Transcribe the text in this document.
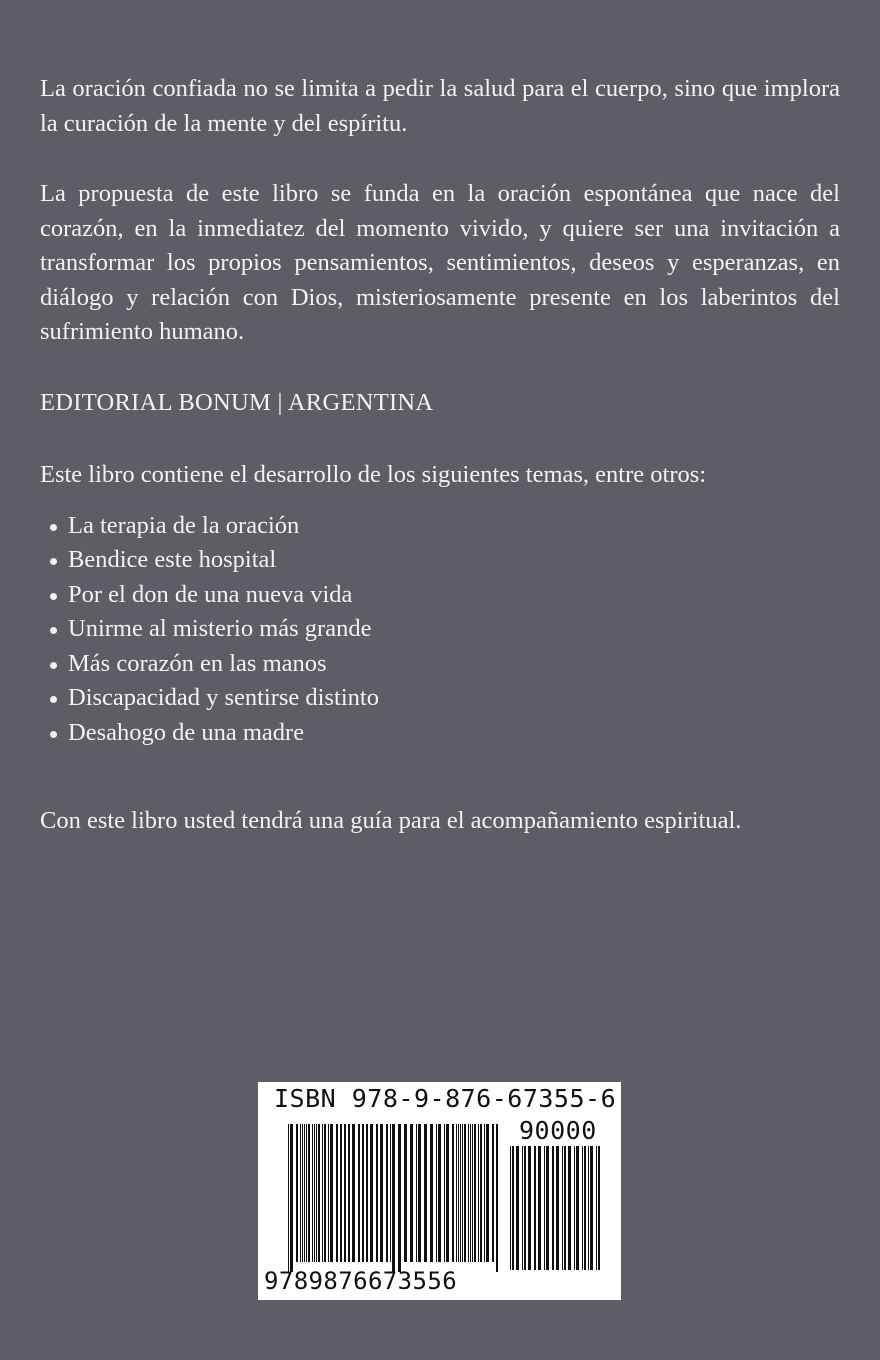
La oración confiada no se limita a pedir la salud para el cuerpo, sino que implora la curación de la mente y del espíritu.

La propuesta de este libro se funda en la oración espontánea que nace del corazón, en la inmediatez del momento vivido, y quiere ser una invitación a transformar los propios pensamientos, sentimientos, deseos y esperanzas, en diálogo y relación con Dios, misteriosamente presente en los laberintos del sufrimiento humano.

EDITORIAL BONUM | ARGENTINA

Este libro contiene el desarrollo de los siguientes temas, entre otros:

La terapia de la oración
Bendice este hospital
Por el don de una nueva vida
Unirme al misterio más grande
Más corazón en las manos
Discapacidad y sentirse distinto
Desahogo de una madre

Con este libro usted tendrá una guía para el acompañamiento espiritual.

ISBN 978-9-876-67355-6
90000
9789876673556
